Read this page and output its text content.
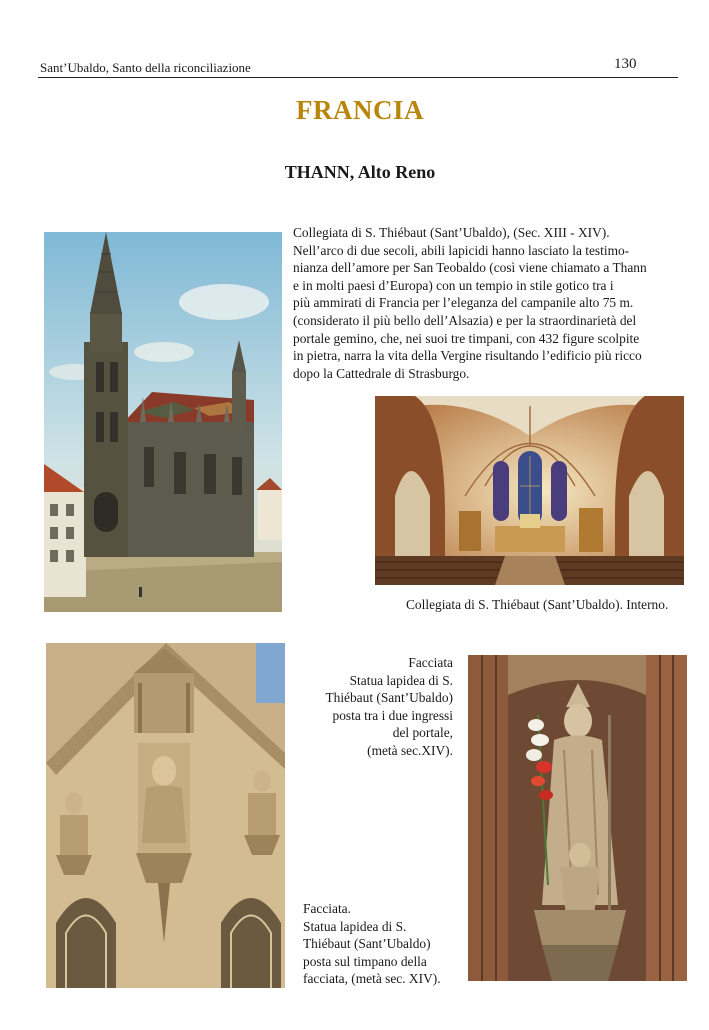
Sant’Ubaldo, Santo della riconciliazione	130
FRANCIA
THANN, Alto Reno
Collegiata di S. Thiébaut (Sant’Ubaldo), (Sec. XIII - XIV).
Nell’arco di due secoli, abili lapicidi hanno lasciato la testimo-
nianza dell’amore per San Teobaldo (così viene chiamato a Thann
e in molti paesi d’Europa) con un tempio in stile gotico tra i
più ammirati di Francia per l’eleganza del campanile alto 75 m.
(considerato il più bello dell’Alsazia) e per la straordinarietà del
portale gemino, che, nei suoi tre timpani, con 432 figure scolpite
in pietra, narra la vita della Vergine risultando l’edificio più ricco
dopo la Cattedrale di Strasburgo.
Collegiata di S. Thiébaut (Sant’Ubaldo). Interno.
Facciata.
Statua lapidea di S.
Thiébaut (Sant’Ubaldo)
posta sul timpano della
facciata, (metà sec. XIV).
Facciata
Statua lapidea di S.
Thiébaut (Sant’Ubaldo)
posta tra i due ingressi
del portale,
(metà sec.XIV).
